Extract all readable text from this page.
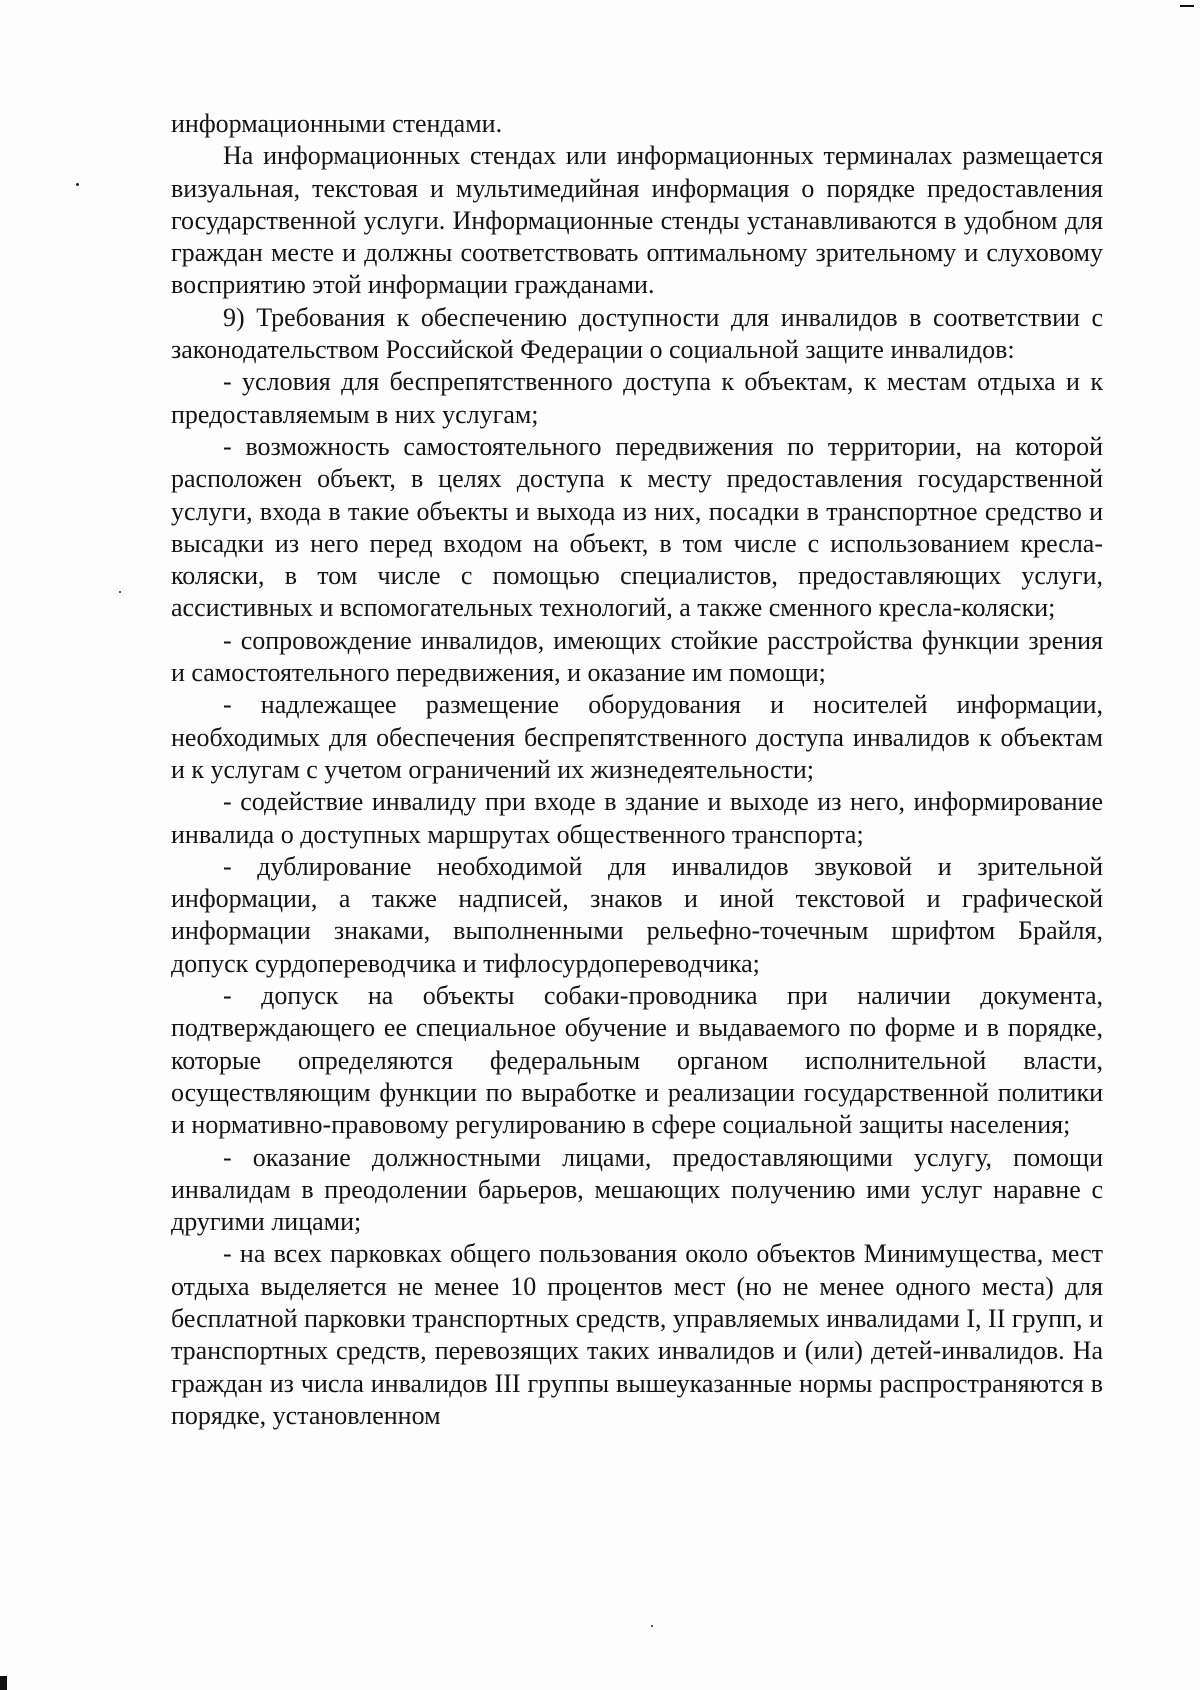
информационными стендами.

На информационных стендах или информационных терминалах размещается визуальная, текстовая и мультимедийная информация о порядке предоставления государственной услуги. Информационные стенды устанавливаются в удобном для граждан месте и должны соответствовать оптимальному зрительному и слуховому восприятию этой информации гражданами.

9) Требования к обеспечению доступности для инвалидов в соответствии с законодательством Российской Федерации о социальной защите инвалидов:

- условия для беспрепятственного доступа к объектам, к местам отдыха и к предоставляемым в них услугам;

- возможность самостоятельного передвижения по территории, на которой расположен объект, в целях доступа к месту предоставления государственной услуги, входа в такие объекты и выхода из них, посадки в транспортное средство и высадки из него перед входом на объект, в том числе с использованием кресла-коляски, в том числе с помощью специалистов, предоставляющих услуги, ассистивных и вспомогательных технологий, а также сменного кресла-коляски;

- сопровождение инвалидов, имеющих стойкие расстройства функции зрения и самостоятельного передвижения, и оказание им помощи;

- надлежащее размещение оборудования и носителей информации, необходимых для обеспечения беспрепятственного доступа инвалидов к объектам и к услугам с учетом ограничений их жизнедеятельности;

- содействие инвалиду при входе в здание и выходе из него, информирование инвалида о доступных маршрутах общественного транспорта;

- дублирование необходимой для инвалидов звуковой и зрительной информации, а также надписей, знаков и иной текстовой и графической информации знаками, выполненными рельефно-точечным шрифтом Брайля, допуск сурдопереводчика и тифлосурдопереводчика;

- допуск на объекты собаки-проводника при наличии документа, подтверждающего ее специальное обучение и выдаваемого по форме и в порядке, которые определяются федеральным органом исполнительной власти, осуществляющим функции по выработке и реализации государственной политики и нормативно-правовому регулированию в сфере социальной защиты населения;

- оказание должностными лицами, предоставляющими услугу, помощи инвалидам в преодолении барьеров, мешающих получению ими услуг наравне с другими лицами;

- на всех парковках общего пользования около объектов Минимущества, мест отдыха выделяется не менее 10 процентов мест (но не менее одного места) для бесплатной парковки транспортных средств, управляемых инвалидами I, II групп, и транспортных средств, перевозящих таких инвалидов и (или) детей-инвалидов. На граждан из числа инвалидов III группы вышеуказанные нормы распространяются в порядке, установленном
